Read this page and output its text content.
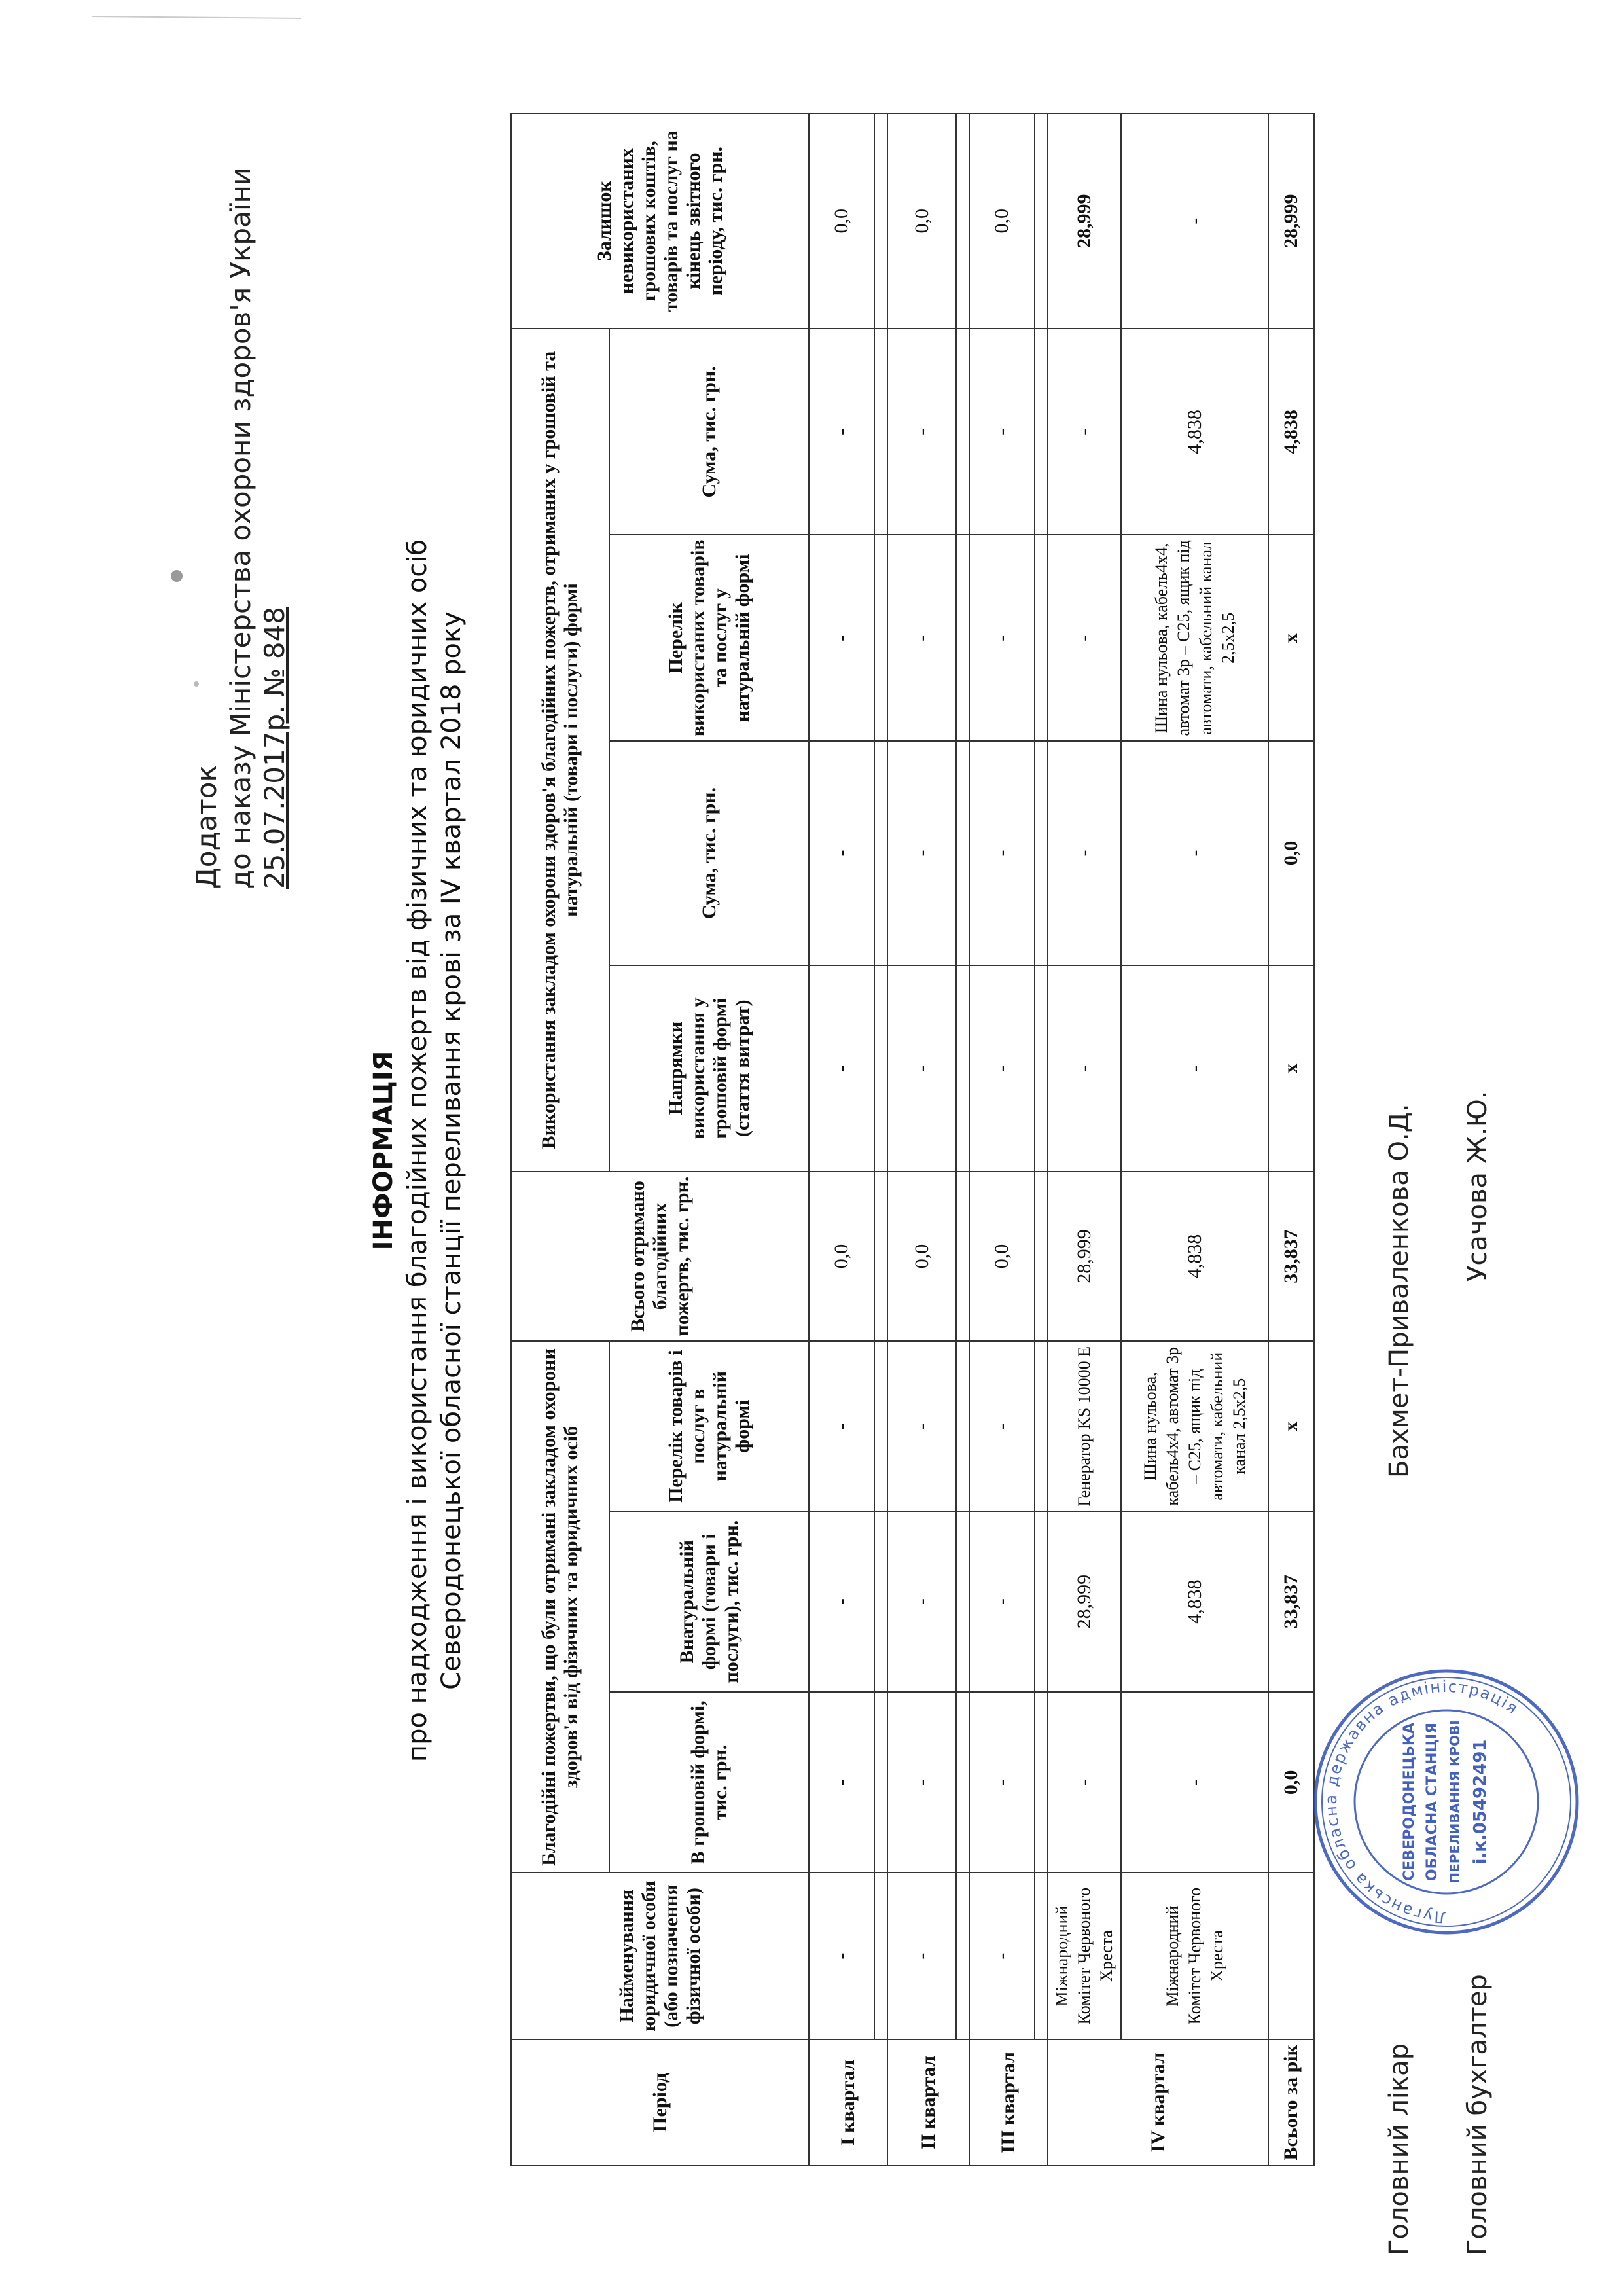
Додаток до наказу Міністерства охорони здоров'я України 25.07.2017р. № 848
ІНФОРМАЦІЯ про надходження і використання благодійних пожертв від фізичних та юридичних осіб Северодонецької обласної станції переливання крові за IV квартал 2018 року
Період	Найменування юридичної особи (або позначення фізичної особи)	Благодійні пожертви, що були отримані закладом охорони здоров'я від фізичних та юридичних осіб			Всього отримано благодійних пожертв, тис. грн.	Використання закладом охорони здоров'я благодійних пожертв, отриманих у грошовій та натуральній (товари і послуги) формі				Залишок невикористаних грошових коштів, товарів та послуг на кінець звітного періоду, тис. грн.
		В грошовій формі, тис. грн.	Внатуральній формі (товари і послуги), тис. грн.	Перелік товарів і послуг в натуральній формі		Напрямки використання у грошовій формі (стаття витрат)	Сума, тис. грн.	Перелік використаних товарів та послуг у натуральній формі	Сума, тис. грн.	
I квартал	-	-	-	-	0,0	-	-	-	-	0,0

II квартал	-	-	-	-	0,0	-	-	-	-	0,0

III квартал	-	-	-	-	0,0	-	-	-	-	0,0

IV квартал	Міжнародний Комітет Червоного Хреста	-	28,999	Генератор KS 10000 E	28,999	-	-	-	-	28,999
	Міжнародний Комітет Червоного Хреста	-	4,838	Шина нульова, кабель4х4, автомат 3р – С25, ящик під автомати, кабельний канал 2,5х2,5	4,838	-	-	Шина нульова, кабель4х4, автомат 3р – С25, ящик під автомати, кабельний канал 2,5х2,5	4,838	-
Всього за рік		0,0	33,837	х	33,837	х	0,0	х	4,838	28,999
Головний лікар
Бахмет-Приваленкова О.Д.
Головний бухгалтер
Усачова Ж.Ю.
Луганська обласна державна адміністрація
СЕВЕРОДОНЕЦЬКА ОБЛАСНА СТАНЦІЯ ПЕРЕЛИВАННЯ КРОВІ і.к.05492491
